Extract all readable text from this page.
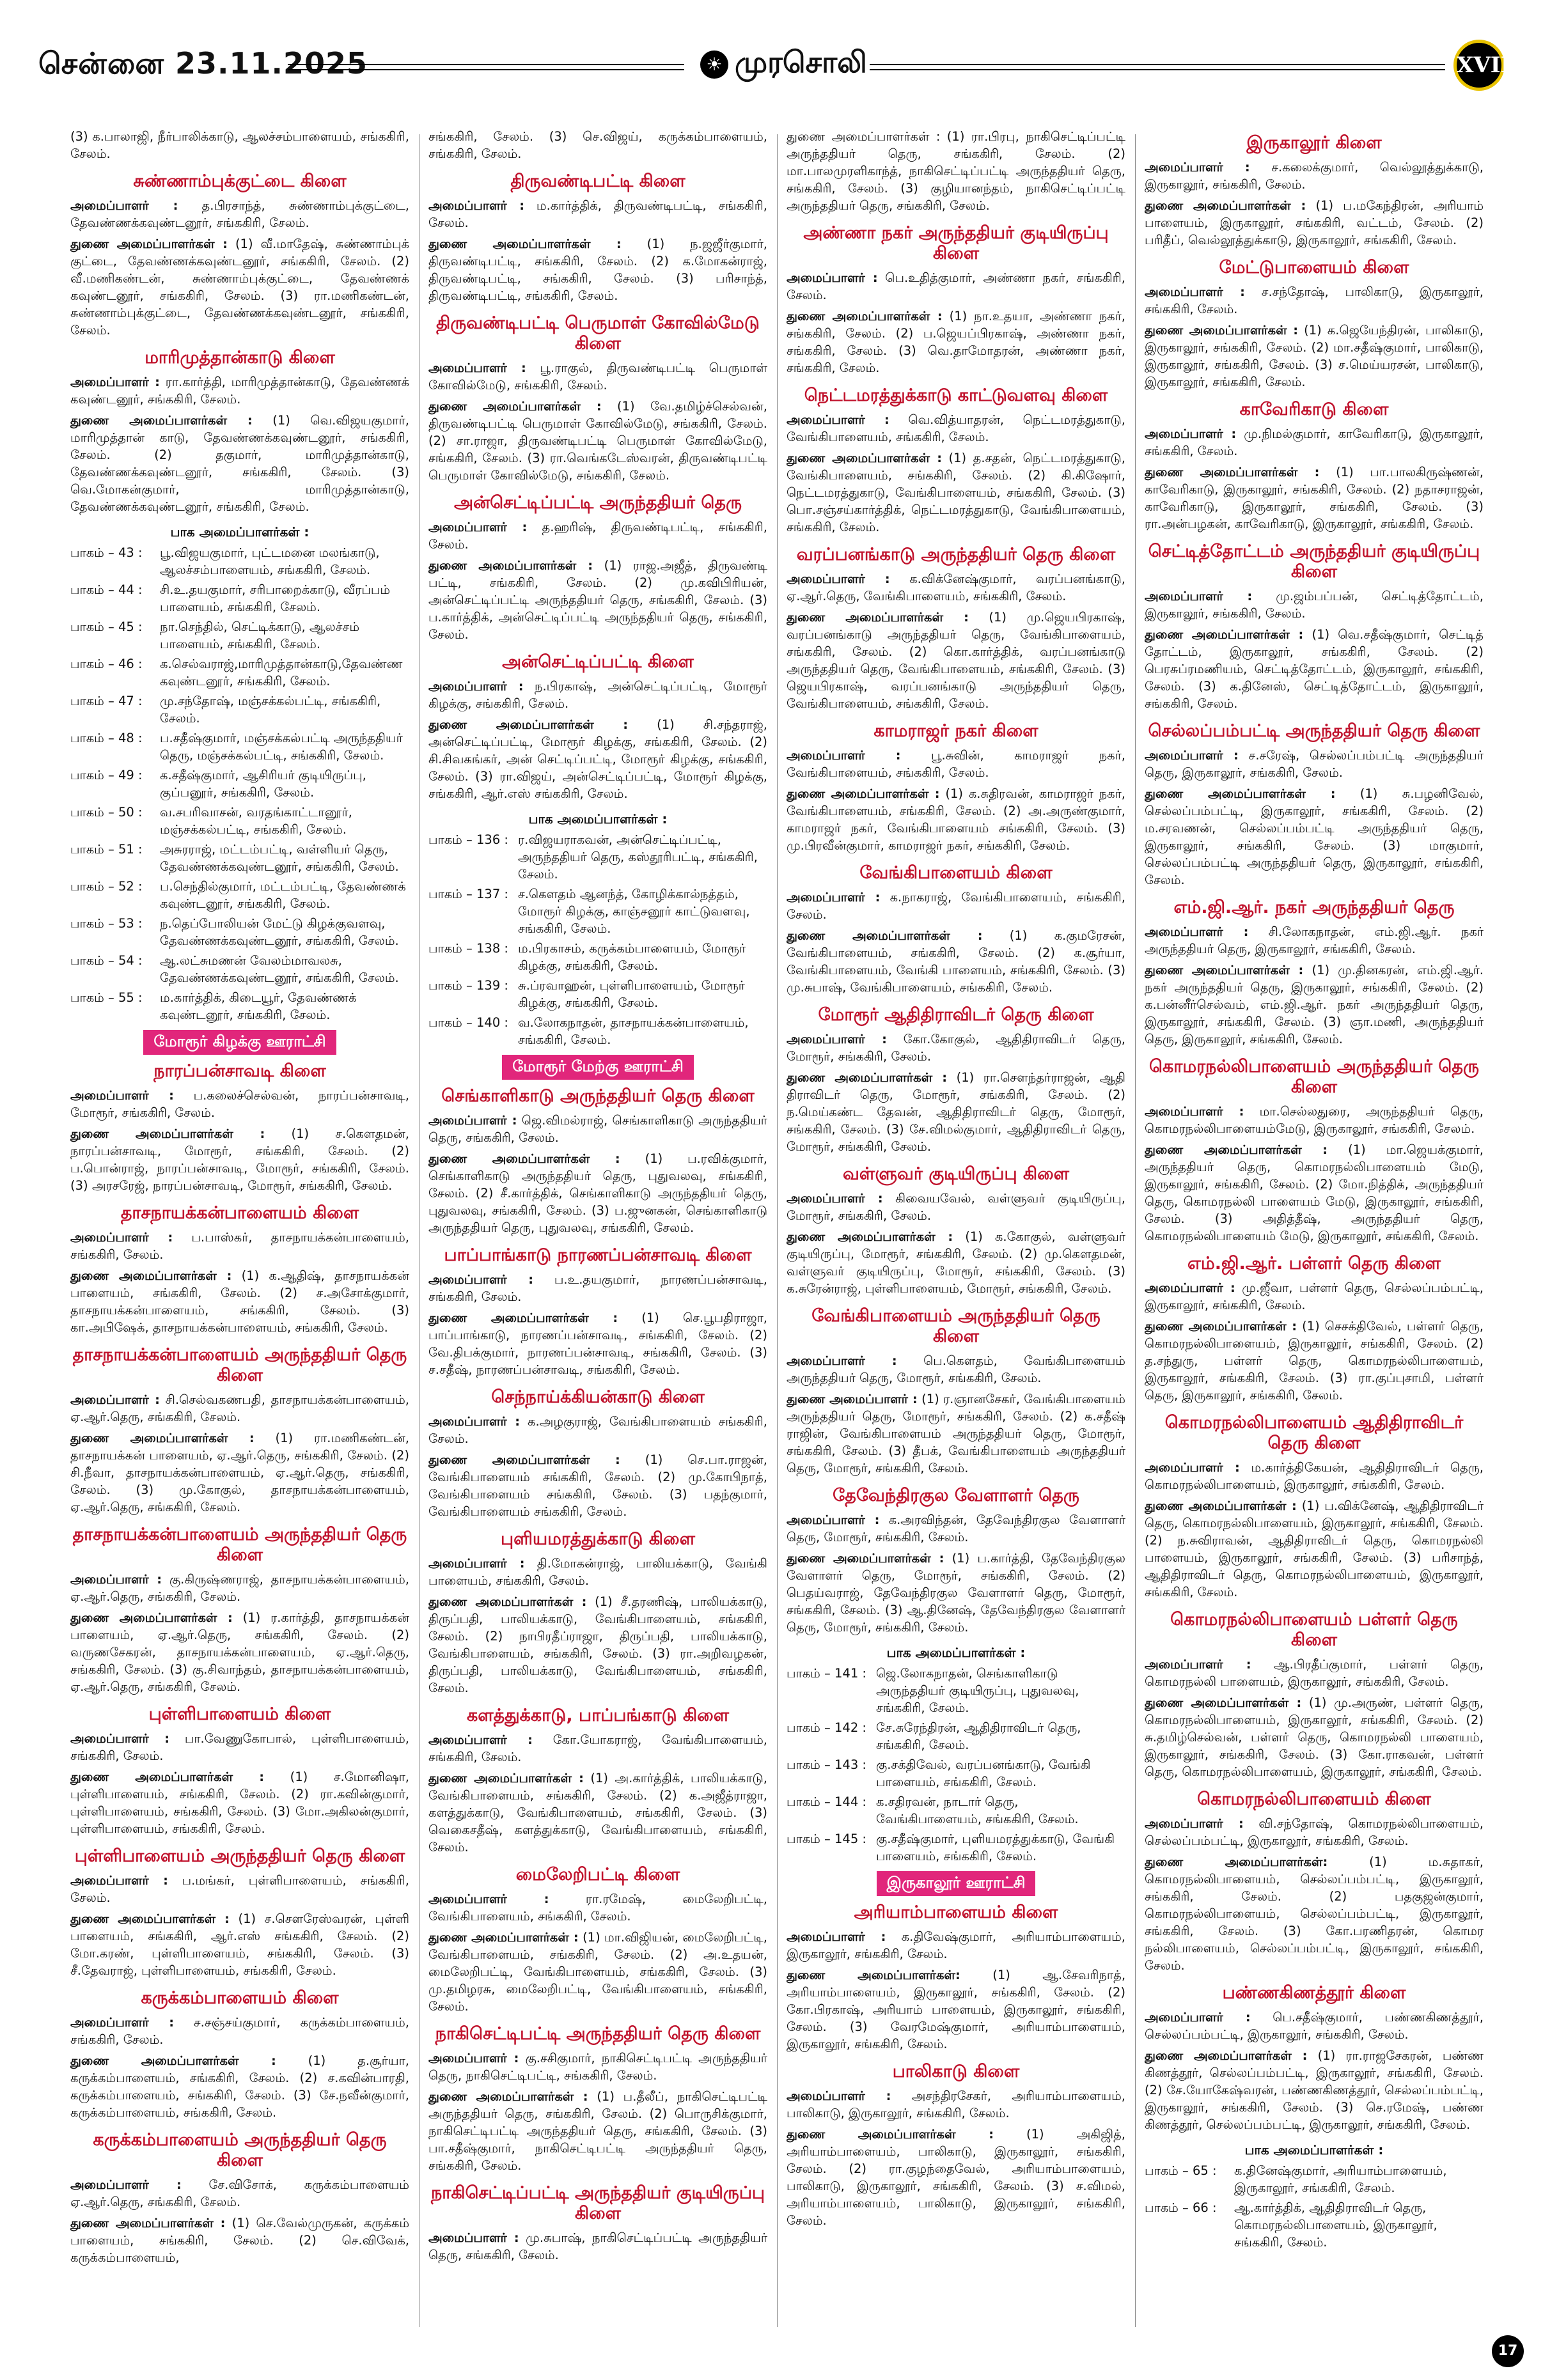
சென்னை 23.11.2025	☀ முரசொலி	XVII

(3) க.பாலாஜி, நீர்பாலிக்காடு, ஆலச்சம்பாளையம், சங்ககிரி, சேலம்.

சுண்ணாம்புக்குட்டை கிளை

அமைப்பாளர் : த.பிரசாந்த், சுண்ணாம்புக்குட்டை, தேவண்ணக்கவுண்டனூர், சங்ககிரி, சேலம்.

துணை அமைப்பாளர்கள் : (1) வீ.மாதேஷ், சுண்ணாம்புக் குட்டை, தேவண்ணக்கவுண்டனூர், சங்ககிரி, சேலம். (2) வீ.மணிகண்டன், சுண்ணாம்புக்குட்டை, தேவண்ணக் கவுண்டனூர், சங்ககிரி, சேலம். (3) ரா.மணிகண்டன், சுண்ணாம்புக்குட்டை, தேவண்ணக்கவுண்டனூர், சங்ககிரி, சேலம்.

மாரிமுத்தான்காடு கிளை

அமைப்பாளர் : ரா.கார்த்தி, மாரிமுத்தான்காடு, தேவண்ணக் கவுண்டனூர், சங்ககிரி, சேலம்.

துணை அமைப்பாளர்கள் : (1) வெ.விஜயகுமார், மாரிமுத்தான் காடு, தேவண்ணக்கவுண்டனூர், சங்ககிரி, சேலம். (2) தகுமார், மாரிமுத்தான்காடு, தேவண்ணக்கவுண்டனூர், சங்ககிரி, சேலம். (3) வெ.மோகன்குமார், மாரிமுத்தான்காடு, தேவண்ணக்கவுண்டனூர், சங்ககிரி, சேலம்.

பாக அமைப்பாளர்கள் :
பாகம் – 43 :	பூ.விஜயகுமார், புட்டமனை மலங்காடு, ஆலச்சம்பாளையம், சங்ககிரி, சேலம்.
பாகம் – 44 :	சி.உ.தயகுமார், சரிபாறைக்காடு, வீரப்பம் பாளையம், சங்ககிரி, சேலம்.
பாகம் – 45 :	நா.செந்தில், செட்டிக்காடு, ஆலச்சம் பாளையம், சங்ககிரி, சேலம்.
பாகம் – 46 :	க.செல்வராஜ்,மாரிமுத்தான்காடு,தேவண்ண கவுண்டனூர், சங்ககிரி, சேலம்.
பாகம் – 47 :	மு.சந்தோஷ், மஞ்சக்கல்பட்டி, சங்ககிரி, சேலம்.
பாகம் – 48 :	ப.சதீஷ்குமார், மஞ்சக்கல்பட்டி அருந்ததியர் தெரு, மஞ்சக்கல்பட்டி, சங்ககிரி, சேலம்.
பாகம் – 49 :	க.சதீஷ்குமார், ஆசிரியர் குடியிருப்பு, குப்பனூர், சங்ககிரி, சேலம்.
பாகம் – 50 :	வ.சபரிவாசன், வரதங்காட்டானூர், மஞ்சக்கல்பட்டி, சங்ககிரி, சேலம்.
பாகம் – 51 :	அசுரராஜ், மட்டம்பட்டி, வள்ளியர் தெரு, தேவண்ணக்கவுண்டனூர், சங்ககிரி, சேலம்.
பாகம் – 52 :	ப.செந்தில்குமார், மட்டம்பட்டி, தேவண்ணக் கவுண்டனூர், சங்ககிரி, சேலம்.
பாகம் – 53 :	ந.தெப்போலியன் மேட்டு கிழக்குவளவு, தேவண்ணக்கவுண்டனூர், சங்ககிரி, சேலம்.
பாகம் – 54 :	ஆ.லட்சுமணன் வேலம்மாவலசு, தேவண்ணக்கவுண்டனூர், சங்ககிரி, சேலம்.
பாகம் – 55 :	ம.கார்த்திக், கிடையூர், தேவண்ணக் கவுண்டனூர், சங்ககிரி, சேலம்.
மோரூர் கிழக்கு ஊராட்சி
நாரப்பன்சாவடி கிளை

அமைப்பாளர் : ப.கலைச்செல்வன், நாரப்பன்சாவடி, மோரூர், சங்ககிரி, சேலம்.

துணை அமைப்பாளர்கள் : (1) ச.கௌதமன், நாரப்பன்சாவடி, மோரூர், சங்ககிரி, சேலம். (2) ப.பொன்ராஜ், நாரப்பன்சாவடி, மோரூர், சங்ககிரி, சேலம். (3) அரசரேஜ், நாரப்பன்சாவடி, மோரூர், சங்ககிரி, சேலம்.

தாசநாயக்கன்பாளையம் கிளை

அமைப்பாளர் : ப.பாஸ்கர், தாசநாயக்கன்பாளையம், சங்ககிரி, சேலம்.

துணை அமைப்பாளர்கள் : (1) க.ஆதிஷ், தாசநாயக்கன் பாளையம், சங்ககிரி, சேலம். (2) ச.அசோக்குமார், தாசநாயக்கன்பாளையம், சங்ககிரி, சேலம். (3) கா.அபிஷேக், தாசநாயக்கன்பாளையம், சங்ககிரி, சேலம்.

தாசநாயக்கன்பாளையம் அருந்ததியர் தெரு கிளை

அமைப்பாளர் : சி.செல்வகணபதி, தாசநாயக்கன்பாளையம், ஏ.ஆர்.தெரு, சங்ககிரி, சேலம்.

துணை அமைப்பாளர்கள் : (1) ரா.மணிகண்டன், தாசநாயக்கன் பாளையம், ஏ.ஆர்.தெரு, சங்ககிரி, சேலம். (2) சி.நீவா, தாசநாயக்கன்பாளையம், ஏ.ஆர்.தெரு, சங்ககிரி, சேலம். (3) மு.கோகுல், தாசநாயக்கன்பாளையம், ஏ.ஆர்.தெரு, சங்ககிரி, சேலம்.

தாசநாயக்கன்பாளையம் அருந்ததியர் தெரு கிளை

அமைப்பாளர் : கு.கிருஷ்ணராஜ், தாசநாயக்கன்பாளையம், ஏ.ஆர்.தெரு, சங்ககிரி, சேலம்.

துணை அமைப்பாளர்கள் : (1) ர.கார்த்தி, தாசநாயக்கன் பாளையம், ஏ.ஆர்.தெரு, சங்ககிரி, சேலம். (2) வருணசேகரன், தாசநாயக்கன்பாளையம், ஏ.ஆர்.தெரு, சங்ககிரி, சேலம். (3) கு.சிவாந்தம், தாசநாயக்கன்பாளையம், ஏ.ஆர்.தெரு, சங்ககிரி, சேலம்.

புள்ளிபாளையம் கிளை

அமைப்பாளர் : பா.வேணுகோபால், புள்ளிபாளையம், சங்ககிரி, சேலம்.

துணை அமைப்பாளர்கள் : (1) ச.மோனிஷா, புள்ளிபாளையம், சங்ககிரி, சேலம். (2) ரா.கவின்குமார், புள்ளிபாளையம், சங்ககிரி, சேலம். (3) மோ.அகிலன்குமார், புள்ளிபாளையம், சங்ககிரி, சேலம்.

புள்ளிபாளையம் அருந்ததியர் தெரு கிளை

அமைப்பாளர் : ப.மங்கர், புள்ளிபாளையம், சங்ககிரி, சேலம்.

துணை அமைப்பாளர்கள் : (1) ச.சௌரேஸ்வரன், புள்ளி பாளையம், சங்ககிரி, ஆர்.எஸ் சங்ககிரி, சேலம். (2) மோ.கரண், புள்ளிபாளையம், சங்ககிரி, சேலம். (3) சீ.தேவராஜ், புள்ளிபாளையம், சங்ககிரி, சேலம்.

கருக்கம்பாளையம் கிளை

அமைப்பாளர் : ச.சஞ்சய்குமார், கருக்கம்பாளையம், சங்ககிரி, சேலம்.

துணை அமைப்பாளர்கள் :	(1) த.சூர்யா, கருக்கம்பாளையம், சங்ககிரி, சேலம். (2) ச.கவின்பாரதி, கருக்கம்பாளையம், சங்ககிரி, சேலம். (3) சே.நவீன்குமார், கருக்கம்பாளையம், சங்ககிரி, சேலம்.

கருக்கம்பாளையம் அருந்ததியர் தெரு கிளை

அமைப்பாளர் : சே.விசோக், கருக்கம்பாளையம் ஏ.ஆர்.தெரு, சங்ககிரி, சேலம்.

துணை அமைப்பாளர்கள் : (1) செ.வேல்முருகன், கருக்கம் பாளையம், சங்ககிரி, சேலம். (2) செ.விவேக், கருக்கம்பாளையம்,

சங்ககிரி, சேலம். (3) செ.விஜய், கருக்கம்பாளையம், சங்ககிரி, சேலம்.

திருவண்டிபட்டி கிளை

அமைப்பாளர் : ம.கார்த்திக், திருவண்டிபட்டி, சங்ககிரி, சேலம்.

துணை அமைப்பாளர்கள் : (1) ந.ஜஜீர்குமார், திருவண்டிபட்டி, சங்ககிரி, சேலம். (2) க.மோகன்ராஜ், திருவண்டிபட்டி, சங்ககிரி, சேலம். (3) பரிசாந்த், திருவண்டிபட்டி, சங்ககிரி, சேலம்.

திருவண்டிபட்டி பெருமாள் கோவில்மேடு கிளை

அமைப்பாளர் : பூ.ராகுல், திருவண்டிபட்டி பெருமாள் கோவில்மேடு, சங்ககிரி, சேலம்.

துணை அமைப்பாளர்கள் : (1) வே.தமிழ்ச்செல்வன், திருவண்டிபட்டி பெருமாள் கோவில்மேடு, சங்ககிரி, சேலம். (2) சா.ராஜா, திருவண்டிபட்டி பெருமாள் கோவில்மேடு, சங்ககிரி, சேலம். (3) ரா.வெங்கடேஸ்வரன், திருவண்டிபட்டி பெருமாள் கோவில்மேடு, சங்ககிரி, சேலம்.

அன்செட்டிப்பட்டி அருந்ததியர் தெரு

அமைப்பாளர் : த.ஹரிஷ், திருவண்டிபட்டி, சங்ககிரி, சேலம்.

துணை அமைப்பாளர்கள் : (1) ராஜ.அஜீத், திருவண்டி பட்டி, சங்ககிரி, சேலம். (2) மு.கவிபிரியன், அன்செட்டிப்பட்டி அருந்ததியர் தெரு, சங்ககிரி, சேலம். (3) ப.கார்த்திக், அன்செட்டிப்பட்டி அருந்ததியர் தெரு, சங்ககிரி, சேலம்.

அன்செட்டிப்பட்டி கிளை

அமைப்பாளர் : ந.பிரகாஷ், அன்செட்டிப்பட்டி, மோரூர் கிழக்கு, சங்ககிரி, சேலம்.

துணை அமைப்பாளர்கள் : (1) சி.சந்தராஜ், அன்செட்டிப்பட்டி, மோரூர் கிழக்கு, சங்ககிரி, சேலம். (2) சி.சிவகங்கர், அன் செட்டிப்பட்டி, மோரூர் கிழக்கு, சங்ககிரி, சேலம். (3) ரா.விஜய், அன்செட்டிப்பட்டி, மோரூர் கிழக்கு, சங்ககிரி, ஆர்.எஸ் சங்ககிரி, சேலம்.

பாக அமைப்பாளர்கள் :
பாகம் – 136 : ர.விஜயராகவன், அன்செட்டிப்பட்டி, அருந்ததியர் தெரு, கஸ்தூரிபட்டி, சங்ககிரி, சேலம்.
பாகம் – 137 : ச.கௌதம் ஆனந்த், கோழிக்கால்நத்தம், மோரூர் கிழக்கு, காஞ்சனூர் காட்டுவளவு, சங்ககிரி, சேலம்.
பாகம் – 138 : ம.பிரகாசம், கருக்கம்பாளையம், மோரூர் கிழக்கு, சங்ககிரி, சேலம்.
பாகம் – 139 : சு.ப்ரவாஹன், புள்ளிபாளையம், மோரூர் கிழக்கு, சங்ககிரி, சேலம்.
பாகம் – 140 : வ.லோகநாதன், தாசநாயக்கன்பாளையம், சங்ககிரி, சேலம்.
மோரூர் மேற்கு ஊராட்சி
செங்காளிகாடு அருந்ததியர் தெரு கிளை

அமைப்பாளர் : ஜெ.விமல்ராஜ், செங்காளிகாடு அருந்ததியர் தெரு, சங்ககிரி, சேலம்.

துணை அமைப்பாளர்கள் : (1) ப.ரவிக்குமார், செங்காளிகாடு அருந்ததியர் தெரு, புதுவலவு, சங்ககிரி, சேலம். (2) சீ.கார்த்திக், செங்காளிகாடு அருந்ததியர் தெரு, புதுவலவு, சங்ககிரி, சேலம். (3) ப.ஜுனகன், செங்காளிகாடு அருந்ததியர் தெரு, புதுவலவு, சங்ககிரி, சேலம்.

பாப்பாங்காடு நாரணப்பன்சாவடி கிளை

அமைப்பாளர் : ப.உ.தயகுமார், நாரணப்பன்சாவடி, சங்ககிரி, சேலம்.

துணை அமைப்பாளர்கள் : (1) செ.பூபதிராஜா, பாப்பாங்காடு, நாரணப்பன்சாவடி, சங்ககிரி, சேலம். (2) வே.திபக்குமார், நாரணப்பன்சாவடி, சங்ககிரி, சேலம். (3) ச.சதீஷ், நாரணப்பன்சாவடி, சங்ககிரி, சேலம்.

செந்நாய்க்கியன்காடு கிளை

அமைப்பாளர் : க.அழகுராஜ், வேங்கிபாளையம் சங்ககிரி, சேலம்.

துணை அமைப்பாளர்கள் : (1) செ.பா.ராஜன், வேங்கிபாளையம் சங்ககிரி, சேலம். (2) மு.கோபிநாத், வேங்கிபாளையம் சங்ககிரி, சேலம். (3) பதந்குமார், வேங்கிபாளையம் சங்ககிரி, சேலம்.

புளியமரத்துக்காடு கிளை

அமைப்பாளர் : தி.மோகன்ராஜ், பாலியக்காடு, வேங்கி பாளையம், சங்ககிரி, சேலம்.

துணை அமைப்பாளர்கள் : (1) சீ.தரணிஷ், பாலியக்காடு, திருப்பதி, பாலியக்காடு, வேங்கிபாளையம், சங்ககிரி, சேலம். (2) நாபிரதீப்ராஜா, திருப்பதி, பாலியக்காடு, வேங்கிபாளையம், சங்ககிரி, சேலம். (3) ரா.அறிவழகன், திருப்பதி, பாலியக்காடு, வேங்கிபாளையம், சங்ககிரி, சேலம்.

களத்துக்காடு, பாப்பங்காடு கிளை

அமைப்பாளர் : கோ.யோகராஜ், வேங்கிபாளையம், சங்ககிரி, சேலம்.

துணை அமைப்பாளர்கள் : (1) அ.கார்த்திக், பாலியக்காடு, வேங்கிபாளையம், சங்ககிரி, சேலம். (2) க.அஜீத்ராஜா, களத்துக்காடு, வேங்கிபாளையம், சங்ககிரி, சேலம். (3) வெகைசதீஷ், களத்துக்காடு, வேங்கிபாளையம், சங்ககிரி, சேலம்.

மைலேறிபட்டி கிளை

அமைப்பாளர் :	ரா.ரமேஷ், மைலேறிபட்டி, வேங்கிபாளையம், சங்ககிரி, சேலம்.

துணை அமைப்பாளர்கள் : (1) மா.விஜியன், மைலேறிபட்டி, வேங்கிபாளையம், சங்ககிரி, சேலம். (2) அ.உதயன், மைலேறிபட்டி, வேங்கிபாளையம், சங்ககிரி, சேலம். (3) மு.தமிழரசு, மைலேறிபட்டி, வேங்கிபாளையம், சங்ககிரி, சேலம்.

நாகிசெட்டிபட்டி அருந்ததியர் தெரு கிளை

அமைப்பாளர் : கு.சசிகுமார், நாகிசெட்டிபட்டி அருந்ததியர் தெரு, நாகிசெட்டிபட்டி, சங்ககிரி, சேலம்.

துணை அமைப்பாளர்கள் : (1) ப.தீலீப், நாகிசெட்டிபட்டி அருந்ததியர் தெரு, சங்ககிரி, சேலம். (2) பொருசிக்குமார், நாகிசெட்டிபட்டி அருந்ததியர் தெரு, சங்ககிரி, சேலம். (3) பா.சதீஷ்குமார், நாகிசெட்டிபட்டி அருந்ததியர் தெரு, சங்ககிரி, சேலம்.

நாகிசெட்டிப்பட்டி அருந்ததியர் குடியிருப்பு கிளை

அமைப்பாளர் : மு.சுபாஷ், நாகிசெட்டிப்பட்டி அருந்ததியர் தெரு, சங்ககிரி, சேலம்.

துணை அமைப்பாளர்கள் : (1) ரா.பிரபு, நாகிசெட்டிப்பட்டி அருந்ததியர் தெரு, சங்ககிரி, சேலம். (2) மா.பாலமுரளிகாந்த், நாகிசெட்டிப்பட்டி அருந்ததியர் தெரு, சங்ககிரி, சேலம். (3) குழியானந்தம், நாகிசெட்டிப்பட்டி அருந்ததியர் தெரு, சங்ககிரி, சேலம்.

அண்ணா நகர் அருந்ததியர் குடியிருப்பு கிளை

அமைப்பாளர் : பெ.உதித்குமார், அண்ணா நகர், சங்ககிரி, சேலம்.

துணை அமைப்பாளர்கள் : (1) நா.உதயா, அண்ணா நகர், சங்ககிரி, சேலம். (2) ப.ஜெயப்பிரகாஷ், அண்ணா நகர், சங்ககிரி, சேலம். (3) வெ.தாமோதரன், அண்ணா நகர், சங்ககிரி, சேலம்.

நெட்டமரத்துக்காடு காட்டுவளவு கிளை

அமைப்பாளர் : வெ.வித்யாதரன், நெட்டமரத்துகாடு, வேங்கிபாளையம், சங்ககிரி, சேலம்.

துணை அமைப்பாளர்கள் : (1) த.சதன், நெட்டமரத்துகாடு, வேங்கிபாளையம், சங்ககிரி, சேலம். (2) கி.கிஷோர், நெட்டமரத்துகாடு, வேங்கிபாளையம், சங்ககிரி, சேலம். (3) பொ.சஞ்சய்கார்த்திக், நெட்டமரத்துகாடு, வேங்கிபாளையம், சங்ககிரி, சேலம்.

வரப்பனங்காடு அருந்ததியர் தெரு கிளை

அமைப்பாளர் : க.விக்னேஷ்குமார், வரப்பனங்காடு, ஏ.ஆர்.தெரு, வேங்கிபாளையம், சங்ககிரி, சேலம்.

துணை அமைப்பாளர்கள் : (1) மு.ஜெயபிரகாஷ், வரப்பனங்காடு அருந்ததியர் தெரு, வேங்கிபாளையம், சங்ககிரி, சேலம். (2) கொ.கார்த்திக், வரப்பனங்காடு அருந்ததியர் தெரு, வேங்கிபாளையம், சங்ககிரி, சேலம். (3) ஜெயபிரகாஷ், வரப்பனங்காடு அருந்ததியர் தெரு, வேங்கிபாளையம், சங்ககிரி, சேலம்.

காமராஜர் நகர் கிளை

அமைப்பாளர் : பூ.சுவின், காமராஜர் நகர், வேங்கிபாளையம், சங்ககிரி, சேலம்.

துணை அமைப்பாளர்கள் : (1) க.சுதிரவன், காமராஜர் நகர், வேங்கிபாளையம், சங்ககிரி, சேலம். (2) அ.அருண்குமார், காமராஜர் நகர், வேங்கிபாளையம் சங்ககிரி, சேலம். (3) மு.பிரவீன்குமார், காமராஜர் நகர், சங்ககிரி, சேலம்.

வேங்கிபாளையம் கிளை

அமைப்பாளர் : க.நாகராஜ், வேங்கிபாளையம், சங்ககிரி, சேலம்.

துணை அமைப்பாளர்கள் : (1) க.குமரேசன், வேங்கிபாளையம், சங்ககிரி, சேலம். (2) க.சூர்யா, வேங்கிபாளையம், வேங்கி பாளையம், சங்ககிரி, சேலம். (3) மு.சுபாஷ், வேங்கிபாளையம், சங்ககிரி, சேலம்.

மோரூர் ஆதிதிராவிடர் தெரு கிளை

அமைப்பாளர் : கோ.கோகுல், ஆதிதிராவிடர் தெரு, மோரூர், சங்ககிரி, சேலம்.

துணை அமைப்பாளர்கள் : (1) ரா.சௌந்தர்ராஜன், ஆதி திராவிடர் தெரு, மோரூர், சங்ககிரி, சேலம். (2) ந.மெய்கண்ட தேவன், ஆதிதிராவிடர் தெரு, மோரூர், சங்ககிரி, சேலம். (3) சே.விமல்குமார், ஆதிதிராவிடர் தெரு, மோரூர், சங்ககிரி, சேலம்.

வள்ளுவர் குடியிருப்பு கிளை

அமைப்பாளர் : கிவையவேல், வள்ளுவர் குடியிருப்பு, மோரூர், சங்ககிரி, சேலம்.

துணை அமைப்பாளர்கள் : (1) க.கோகுல், வள்ளுவர் குடியிருப்பு, மோரூர், சங்ககிரி, சேலம். (2) மு.கௌதமன், வள்ளுவர் குடியிருப்பு, மோரூர், சங்ககிரி, சேலம். (3) க.சுரேன்ராஜ், புள்ளிபாளையம், மோரூர், சங்ககிரி, சேலம்.

வேங்கிபாளையம் அருந்ததியர் தெரு கிளை

அமைப்பாளர் : பெ.கௌதம், வேங்கிபாளையம் அருந்ததியர் தெரு, மோரூர், சங்ககிரி, சேலம்.

துணை அமைப்பாளர் : (1) ர.ஞானசேகர், வேங்கிபாளையம் அருந்ததியர் தெரு, மோரூர், சங்ககிரி, சேலம். (2) க.சதீஷ் ராஜின், வேங்கிபாளையம் அருந்ததியர் தெரு, மோரூர், சங்ககிரி, சேலம். (3) தீபக், வேங்கிபாளையம் அருந்ததியர் தெரு, மோரூர், சங்ககிரி, சேலம்.

தேவேந்திரகுல வேளாளர் தெரு

அமைப்பாளர் : க.அரவிந்தன், தேவேந்திரகுல வேளாளர் தெரு, மோரூர், சங்ககிரி, சேலம்.

துணை அமைப்பாளர்கள் : (1) ப.கார்த்தி, தேவேந்திரகுல வேளாளர் தெரு, மோரூர், சங்ககிரி, சேலம். (2) பெதய்வராஜ், தேவேந்திரகுல வேளாளர் தெரு, மோரூர், சங்ககிரி, சேலம். (3) ஆ.தினேஷ், தேவேந்திரகுல வேளாளர் தெரு, மோரூர், சங்ககிரி, சேலம்.

பாக அமைப்பாளர்கள் :
பாகம் – 141 : ஜெ.லோகநாதன், செங்காளிகாடு அருந்ததியர் குடியிருப்பு, புதுவலவு, சங்ககிரி, சேலம்.
பாகம் – 142 : சே.சுரேந்திரன், ஆதிதிராவிடர் தெரு, சங்ககிரி, சேலம்.
பாகம் – 143 : கு.சக்திவேல், வரப்பனங்காடு, வேங்கி பாளையம், சங்ககிரி, சேலம்.
பாகம் – 144 : க.சதிரவன், நாடார் தெரு, வேங்கிபாளையம், சங்ககிரி, சேலம்.
பாகம் – 145 : கு.சதீஷ்குமார், புளியமரத்துக்காடு, வேங்கி பாளையம், சங்ககிரி, சேலம்.
இருகாலூர் ஊராட்சி
அரியாம்பாளையம் கிளை

அமைப்பாளர் : க.திவேஷ்குமார், அரியாம்பாளையம், இருகாலூர், சங்ககிரி, சேலம்.

துணை அமைப்பாளர்கள்:	(1) ஆ.சேவரிநாத், அரியாம்பாளையம், இருகாலூர், சங்ககிரி, சேலம். (2) கோ.பிரகாஷ், அரியாம் பாளையம், இருகாலூர், சங்ககிரி, சேலம். (3) வேரமேஷ்குமார், அரியாம்பாளையம், இருகாலூர், சங்ககிரி, சேலம்.

பாலிகாடு கிளை

அமைப்பாளர் : அசந்திரசேகர், அரியாம்பாளையம், பாலிகாடு, இருகாலூர், சங்ககிரி, சேலம்.

துணை அமைப்பாளர்கள் :	(1) அகிஜித், அரியாம்பாளையம், பாலிகாடு, இருகாலூர், சங்ககிரி, சேலம். (2) ரா.குழந்தைவேல், அரியாம்பாளையம், பாலிகாடு, இருகாலூர், சங்ககிரி, சேலம். (3) ச.விமல், அரியாம்பாளையம், பாலிகாடு, இருகாலூர், சங்ககிரி, சேலம்.

இருகாலூர் கிளை

அமைப்பாளர் : ச.கலைக்குமார், வெல்லூத்துக்காடு, இருகாலூர், சங்ககிரி, சேலம்.

துணை அமைப்பாளர்கள் : (1) ப.மகேந்திரன், அரியாம் பாளையம், இருகாலூர், சங்ககிரி, வட்டம், சேலம். (2) பரிதீப், வெல்லூத்துக்காடு, இருகாலூர், சங்ககிரி, சேலம்.

மேட்டுபாளையம் கிளை

அமைப்பாளர் : ச.சந்தோஷ், பாலிகாடு, இருகாலூர், சங்ககிரி, சேலம்.

துணை அமைப்பாளர்கள் : (1) க.ஜெயேந்திரன், பாலிகாடு, இருகாலூர், சங்ககிரி, சேலம். (2) மா.சதீஷ்குமார், பாலிகாடு, இருகாலூர், சங்ககிரி, சேலம். (3) ச.மெய்யரசன், பாலிகாடு, இருகாலூர், சங்ககிரி, சேலம்.

காவேரிகாடு கிளை

அமைப்பாளர் : மு.நிமல்குமார், காவேரிகாடு, இருகாலூர், சங்ககிரி, சேலம்.

துணை அமைப்பாளர்கள் : (1) பா.பாலகிருஷ்ணன், காவேரிகாடு, இருகாலூர், சங்ககிரி, சேலம். (2) நதாசராஜன், காவேரிகாடு, இருகாலூர், சங்ககிரி, சேலம். (3) ரா.அன்பழகன், காவேரிகாடு, இருகாலூர், சங்ககிரி, சேலம்.

செட்டித்தோட்டம் அருந்ததியர் குடியிருப்பு கிளை

அமைப்பாளர் : மு.ஜம்பப்பன், செட்டித்தோட்டம், இருகாலூர், சங்ககிரி, சேலம்.

துணை அமைப்பாளர்கள் : (1) வெ.சதீஷ்குமார், செட்டித் தோட்டம், இருகாலூர், சங்ககிரி, சேலம். (2) பெரசுப்ரமணியம், செட்டித்தோட்டம், இருகாலூர், சங்ககிரி, சேலம். (3) க.தினேஸ், செட்டித்தோட்டம், இருகாலூர், சங்ககிரி, சேலம்.

செல்லப்பம்பட்டி அருந்ததியர் தெரு கிளை

அமைப்பாளர் : ச.சரேஷ், செல்லப்பம்பட்டி அருந்ததியர் தெரு, இருகாலூர், சங்ககிரி, சேலம்.

துணை அமைப்பாளர்கள் : (1) சு.பழனிவேல், செல்லப்பம்பட்டி, இருகாலூர், சங்ககிரி, சேலம். (2) ம.சரவணன், செல்லப்பம்பட்டி அருந்ததியர் தெரு, இருகாலூர், சங்ககிரி, சேலம். (3) மாகுமார், செல்லப்பம்பட்டி அருந்ததியர் தெரு, இருகாலூர், சங்ககிரி, சேலம்.

எம்.ஜி.ஆர். நகர் அருந்ததியர் தெரு

அமைப்பாளர் : சி.லோகநாதன், எம்.ஜி.ஆர். நகர் அருந்ததியர் தெரு, இருகாலூர், சங்ககிரி, சேலம்.

துணை அமைப்பாளர்கள் : (1) மு.தினகரன், எம்.ஜி.ஆர். நகர் அருந்ததியர் தெரு, இருகாலூர், சங்ககிரி, சேலம். (2) க.பன்னீர்செல்வம், எம்.ஜி.ஆர். நகர் அருந்ததியர் தெரு, இருகாலூர், சங்ககிரி, சேலம். (3) ஞா.மணி, அருந்ததியர் தெரு, இருகாலூர், சங்ககிரி, சேலம்.

கொமரநல்லிபாளையம் அருந்ததியர் தெரு கிளை

அமைப்பாளர் : மா.செல்லதுரை, அருந்ததியர் தெரு, கொமரநல்லிபாளையம்மேடு, இருகாலூர், சங்ககிரி, சேலம்.

துணை அமைப்பாளர்கள் : (1) மா.ஜெயக்குமார், அருந்ததியர் தெரு, கொமரநல்லிபாளையம் மேடு, இருகாலூர், சங்ககிரி, சேலம். (2) மோ.நித்திக், அருந்ததியர் தெரு, கொமரநல்லி பாளையம் மேடு, இருகாலூர், சங்ககிரி, சேலம். (3) அதித்தீஷ், அருந்ததியர் தெரு, கொமரநல்லிபாளையம் மேடு, இருகாலூர், சங்ககிரி, சேலம்.

எம்.ஜி.ஆர். பள்ளர் தெரு கிளை

அமைப்பாளர் : மு.ஜீவா, பள்ளர் தெரு, செல்லப்பம்பட்டி, இருகாலூர், சங்ககிரி, சேலம்.

துணை அமைப்பாளர்கள் : (1) செசக்திவேல், பள்ளர் தெரு, கொமரநல்லிபாளையம், இருகாலூர், சங்ககிரி, சேலம். (2) த.சந்துரு, பள்ளர் தெரு, கொமரநல்லிபாளையம், இருகாலூர், சங்ககிரி, சேலம். (3) ரா.குப்புசாமி, பள்ளர் தெரு, இருகாலூர், சங்ககிரி, சேலம்.

கொமரநல்லிபாளையம் ஆதிதிராவிடர் தெரு கிளை

அமைப்பாளர் : ம.கார்த்திகேயன், ஆதிதிராவிடர் தெரு, கொமரநல்லிபாளையம், இருகாலூர், சங்ககிரி, சேலம்.

துணை அமைப்பாளர்கள் : (1) ப.விக்னேஷ், ஆதிதிராவிடர் தெரு, கொமரநல்லிபாளையம், இருகாலூர், சங்ககிரி, சேலம். (2) ந.சுவிராவன், ஆதிதிராவிடர் தெரு, கொமரநல்லி பாளையம், இருகாலூர், சங்ககிரி, சேலம். (3) பரிசாந்த், ஆதிதிராவிடர் தெரு, கொமரநல்லிபாளையம், இருகாலூர், சங்ககிரி, சேலம்.

கொமரநல்லிபாளையம் பள்ளர் தெரு கிளை

அமைப்பாளர் : ஆ.பிரதீப்குமார், பள்ளர் தெரு, கொமரநல்லி பாளையம், இருகாலூர், சங்ககிரி, சேலம்.

துணை அமைப்பாளர்கள் : (1) மு.அருண், பள்ளர் தெரு, கொமரநல்லிபாளையம், இருகாலூர், சங்ககிரி, சேலம். (2) சு.தமிழ்செல்வன், பள்ளர் தெரு, கொமரநல்லி பாளையம், இருகாலூர், சங்ககிரி, சேலம். (3) கோ.ராகவன், பள்ளர் தெரு, கொமரநல்லிபாளையம், இருகாலூர், சங்ககிரி, சேலம்.

கொமரநல்லிபாளையம் கிளை

அமைப்பாளர் : வி.சந்தோஷ், கொமரநல்லிபாளையம், செல்லப்பம்பட்டி, இருகாலூர், சங்ககிரி, சேலம்.

துணை அமைப்பாளர்கள்:	(1) ம.சுதாகர், கொமரநல்லிபாளையம், செல்லப்பம்பட்டி, இருகாலூர், சங்ககிரி, சேலம். (2) பதகுஜன்குமார், கொமரநல்லிபாளையம், செல்லப்பம்பட்டி, இருகாலூர், சங்ககிரி, சேலம். (3) கோ.பரணிதரன், கொமர நல்லிபாளையம், செல்லப்பம்பட்டி, இருகாலூர், சங்ககிரி, சேலம்.

பண்ணகிணத்தூர் கிளை

அமைப்பாளர் : பெ.சதீஷ்குமார், பண்ணகிணத்தூர், செல்லப்பம்பட்டி, இருகாலூர், சங்ககிரி, சேலம்.

துணை அமைப்பாளர்கள் : (1) ரா.ராஜசேகரன், பண்ண கிணத்தூர், செல்லப்பம்பட்டி, இருகாலூர், சங்ககிரி, சேலம். (2) சே.யோகேஷ்வரன், பண்ணகிணத்தூர், செல்லப்பம்பட்டி, இருகாலூர், சங்ககிரி, சேலம். (3) செ.ரமேஷ், பண்ண கிணத்தூர், செல்லப்பம்பட்டி, இருகாலூர், சங்ககிரி, சேலம்.

பாக அமைப்பாளர்கள் :
பாகம் – 65 :	க.தினேஷ்குமார், அரியாம்பாளையம், இருகாலூர், சங்ககிரி, சேலம்.
பாகம் – 66 :	ஆ.கார்த்திக், ஆதிதிராவிடர் தெரு, கொமரநல்லிபாளையம், இருகாலூர், சங்ககிரி, சேலம்.
17
